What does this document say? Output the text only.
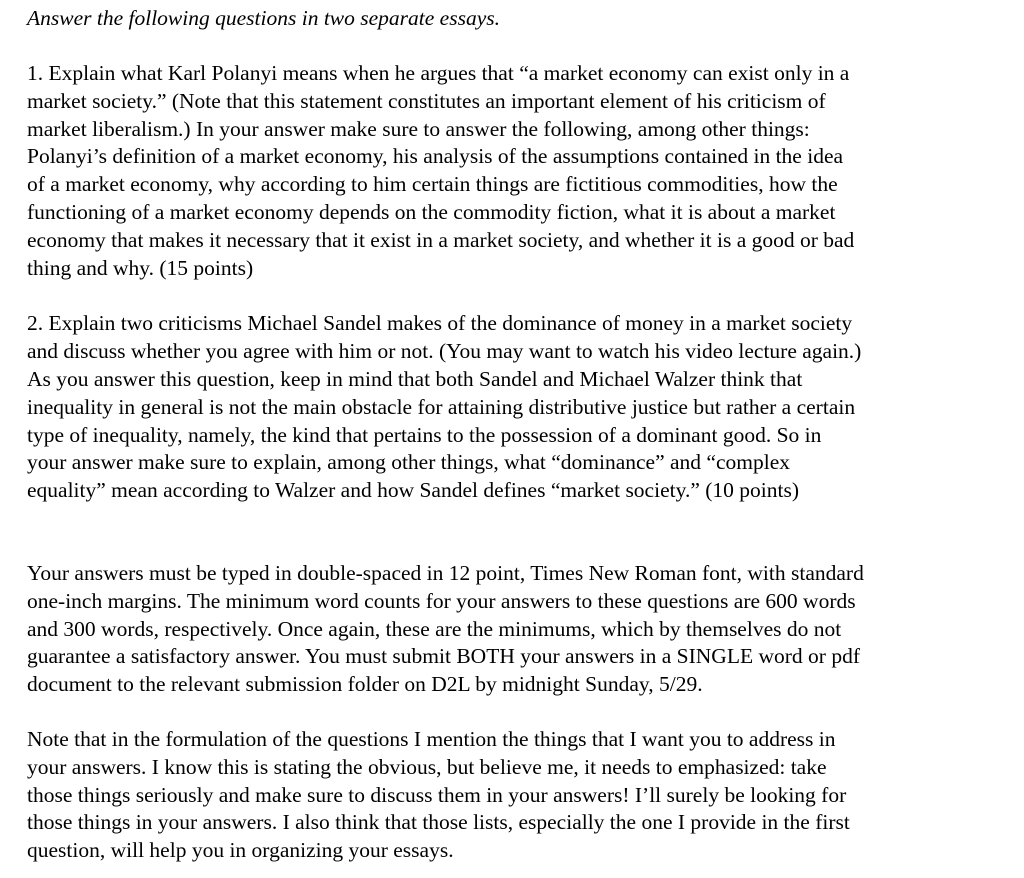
Answer the following questions in two separate essays.

1. Explain what Karl Polanyi means when he argues that “a market economy can exist only in a
market society.” (Note that this statement constitutes an important element of his criticism of
market liberalism.) In your answer make sure to answer the following, among other things:
Polanyi’s definition of a market economy, his analysis of the assumptions contained in the idea
of a market economy, why according to him certain things are fictitious commodities, how the
functioning of a market economy depends on the commodity fiction, what it is about a market
economy that makes it necessary that it exist in a market society, and whether it is a good or bad
thing and why. (15 points)

2. Explain two criticisms Michael Sandel makes of the dominance of money in a market society
and discuss whether you agree with him or not. (You may want to watch his video lecture again.)
As you answer this question, keep in mind that both Sandel and Michael Walzer think that
inequality in general is not the main obstacle for attaining distributive justice but rather a certain
type of inequality, namely, the kind that pertains to the possession of a dominant good. So in
your answer make sure to explain, among other things, what “dominance” and “complex
equality” mean according to Walzer and how Sandel defines “market society.” (10 points)

Your answers must be typed in double-spaced in 12 point, Times New Roman font, with standard
one-inch margins. The minimum word counts for your answers to these questions are 600 words
and 300 words, respectively. Once again, these are the minimums, which by themselves do not
guarantee a satisfactory answer. You must submit BOTH your answers in a SINGLE word or pdf
document to the relevant submission folder on D2L by midnight Sunday, 5/29.

Note that in the formulation of the questions I mention the things that I want you to address in
your answers. I know this is stating the obvious, but believe me, it needs to emphasized: take
those things seriously and make sure to discuss them in your answers! I’ll surely be looking for
those things in your answers. I also think that those lists, especially the one I provide in the first
question, will help you in organizing your essays.
